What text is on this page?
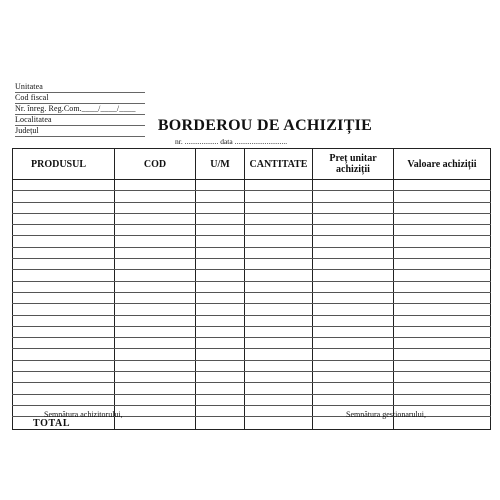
Unitatea
Cod fiscal
Nr. înreg. Reg.Com.____/____/____
Localitatea
Județul	BORDEROU DE ACHIZIȚIE
nr. .................. data ............................
PRODUSUL	COD	U/M	CANTITATE	Preț unitar achiziții	Valoare achiziții

TOTAL					
Semnătura achizitorului,	Semnătura gestionarului,
